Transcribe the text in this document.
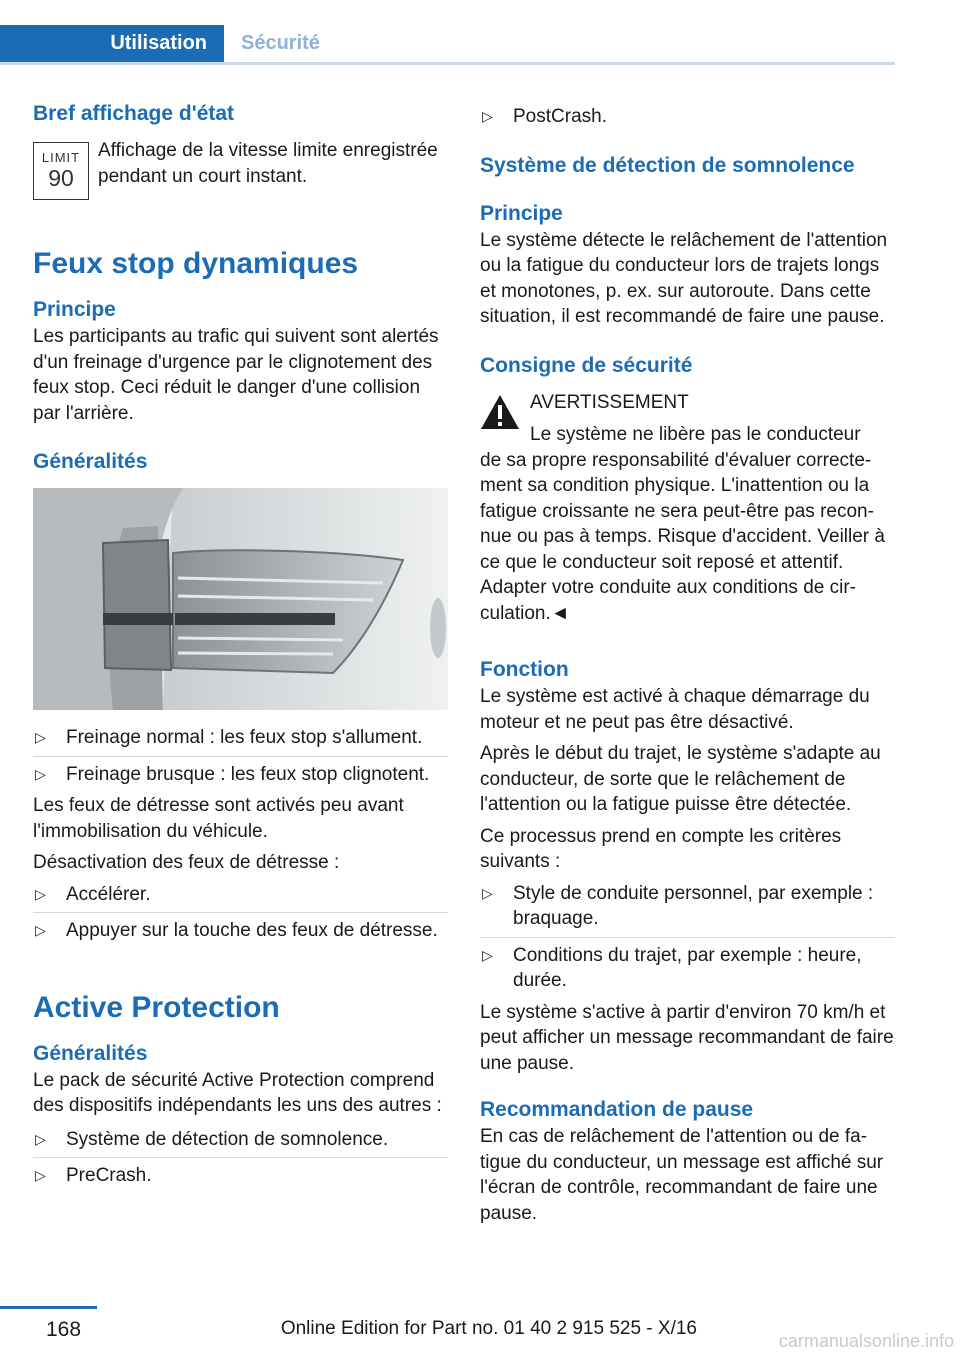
Utilisation	Sécurité
Bref affichage d'état
LIMIT
90

Affichage de la vitesse limite enregistrée pendant un court instant.

Feux stop dynamiques
Principe

Les participants au trafic qui suivent sont alertés d'un freinage d'urgence par le clignotement des feux stop. Ceci réduit le danger d'une collision par l'arrière.

Généralités
▷ Freinage normal : les feux stop s'allument.
▷ Freinage brusque : les feux stop clignotent.

Les feux de détresse sont activés peu avant l'immobilisation du véhicule.

Désactivation des feux de détresse :

▷ Accélérer.
▷ Appuyer sur la touche des feux de détresse.
Active Protection
Généralités

Le pack de sécurité Active Protection comprend des dispositifs indépendants les uns des autres :

▷ Système de détection de somnolence.
▷ PreCrash.
▷ PostCrash.
Système de détection de somnolence
Principe

Le système détecte le relâchement de l'attention ou la fatigue du conducteur lors de trajets longs et monotones, p. ex. sur autoroute. Dans cette situation, il est recommandé de faire une pause.

Consigne de sécurité

AVERTISSEMENT

Le système ne libère pas le conducteur

de sa propre responsabilité d'évaluer correctement sa condition physique. L'inattention ou la fatigue croissante ne sera peut-être pas reconnue ou pas à temps. Risque d'accident. Veiller à ce que le conducteur soit reposé et attentif. Adapter votre conduite aux conditions de circulation.◄

Fonction

Le système est activé à chaque démarrage du moteur et ne peut pas être désactivé.

Après le début du trajet, le système s'adapte au conducteur, de sorte que le relâchement de l'attention ou la fatigue puisse être détectée.

Ce processus prend en compte les critères suivants :

▷ Style de conduite personnel, par exemple : braquage.
▷ Conditions du trajet, par exemple : heure, durée.

Le système s'active à partir d'environ 70 km/h et peut afficher un message recommandant de faire une pause.

Recommandation de pause

En cas de relâchement de l'attention ou de fatigue du conducteur, un message est affiché sur l'écran de contrôle, recommandant de faire une pause.

168	Online Edition for Part no. 01 40 2 915 525 - X/16
carmanualsonline.info
